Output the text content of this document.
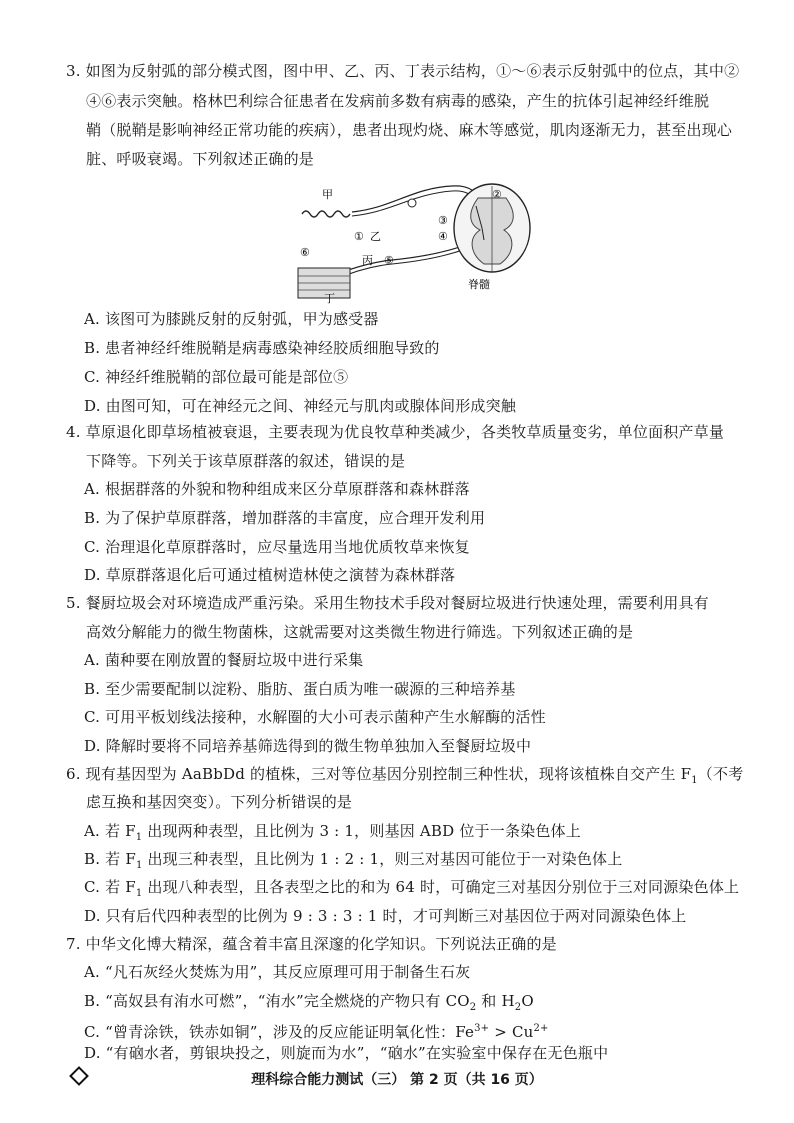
3. 如图为反射弧的部分模式图，图中甲、乙、丙、丁表示结构，①～⑥表示反射弧中的位点，其中②
④⑥表示突触。格林巴利综合征患者在发病前多数有病毒的感染，产生的抗体引起神经纤维脱
鞘（脱鞘是影响神经正常功能的疾病），患者出现灼烧、麻木等感觉，肌肉逐渐无力，甚至出现心
脏、呼吸衰竭。下列叙述正确的是
甲
① 乙
丙 ⑤
⑥
丁
②
③
④
脊髓
A. 该图可为膝跳反射的反射弧，甲为感受器
B. 患者神经纤维脱鞘是病毒感染神经胶质细胞导致的
C. 神经纤维脱鞘的部位最可能是部位⑤
D. 由图可知，可在神经元之间、神经元与肌肉或腺体间形成突触
4. 草原退化即草场植被衰退，主要表现为优良牧草种类减少，各类牧草质量变劣，单位面积产草量
下降等。下列关于该草原群落的叙述，错误的是
A. 根据群落的外貌和物种组成来区分草原群落和森林群落
B. 为了保护草原群落，增加群落的丰富度，应合理开发利用
C. 治理退化草原群落时，应尽量选用当地优质牧草来恢复
D. 草原群落退化后可通过植树造林使之演替为森林群落
5. 餐厨垃圾会对环境造成严重污染。采用生物技术手段对餐厨垃圾进行快速处理，需要利用具有
高效分解能力的微生物菌株，这就需要对这类微生物进行筛选。下列叙述正确的是
A. 菌种要在刚放置的餐厨垃圾中进行采集
B. 至少需要配制以淀粉、脂肪、蛋白质为唯一碳源的三种培养基
C. 可用平板划线法接种，水解圈的大小可表示菌种产生水解酶的活性
D. 降解时要将不同培养基筛选得到的微生物单独加入至餐厨垃圾中
6. 现有基因型为 AaBbDd 的植株，三对等位基因分别控制三种性状，现将该植株自交产生 $F_1$（不考
虑互换和基因突变）。下列分析错误的是
A. 若 $F_1$ 出现两种表型，且比例为 3 : 1，则基因 ABD 位于一条染色体上
B. 若 $F_1$ 出现三种表型，且比例为 1 : 2 : 1，则三对基因可能位于一对染色体上
C. 若 $F_1$ 出现八种表型，且各表型之比的和为 64 时，可确定三对基因分别位于三对同源染色体上
D. 只有后代四种表型的比例为 9 : 3 : 3 : 1 时，才可判断三对基因位于两对同源染色体上
7. 中华文化博大精深，蕴含着丰富且深邃的化学知识。下列说法正确的是
A. “凡石灰经火焚炼为用”，其反应原理可用于制备生石灰
B. “高奴县有洧水可燃”，“洧水”完全燃烧的产物只有 $CO_2$ 和 $H_2O$
C. “曾青涂铁，铁赤如铜”，涉及的反应能证明氧化性：$Fe^{3+} > Cu^{2+}$
D. “有硇水者，剪银块投之，则旋而为水”，“硇水”在实验室中保存在无色瓶中
理科综合能力测试（三） 第 2 页（共 16 页）
